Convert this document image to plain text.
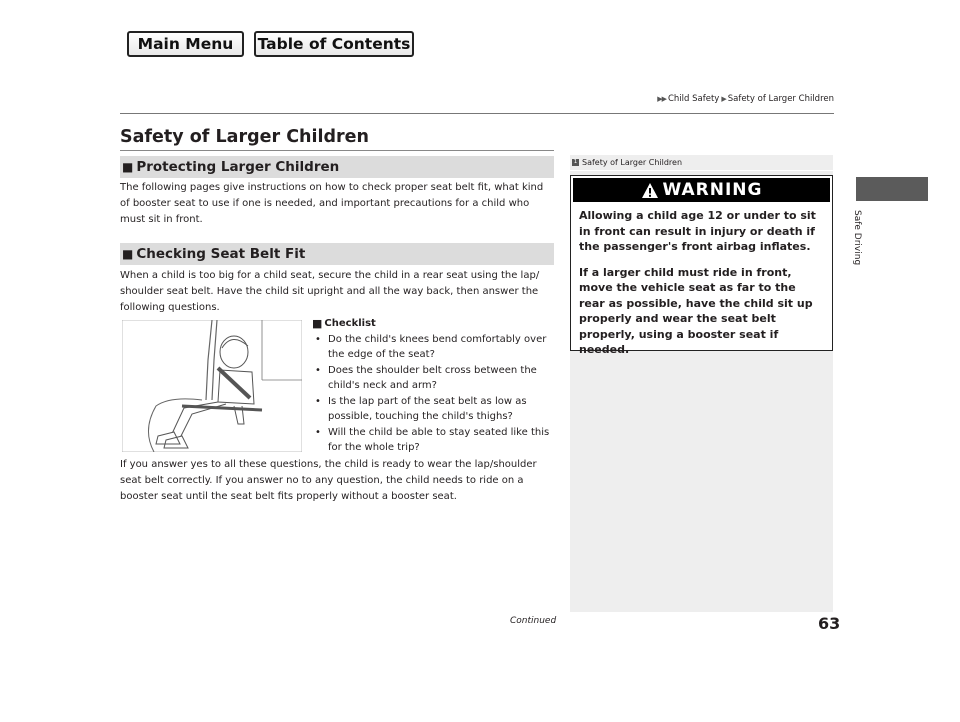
Main Menu	Table of Contents
▶▶ Child Safety ▶ Safety of Larger Children
Safe Driving
Safety of Larger Children
■ Protecting Larger Children

The following pages give instructions on how to check proper seat belt fit, what kind of booster seat to use if one is needed, and important precautions for a child who must sit in front.

■ Checking Seat Belt Fit

When a child is too big for a child seat, secure the child in a rear seat using the lap/ shoulder seat belt. Have the child sit upright and all the way back, then answer the following questions.

■ Checklist
• Do the child's knees bend comfortably over the edge of the seat?
• Does the shoulder belt cross between the child's neck and arm?
• Is the lap part of the seat belt as low as possible, touching the child's thighs?
• Will the child be able to stay seated like this for the whole trip?

If you answer yes to all these questions, the child is ready to wear the lap/shoulder seat belt correctly. If you answer no to any question, the child needs to ride on a booster seat until the seat belt fits properly without a booster seat.

Continued	63
1 Safety of Larger Children
WARNING

Allowing a child age 12 or under to sit in front can result in injury or death if the passenger's front airbag inflates.

If a larger child must ride in front, move the vehicle seat as far to the rear as possible, have the child sit up properly and wear the seat belt properly, using a booster seat if needed.
